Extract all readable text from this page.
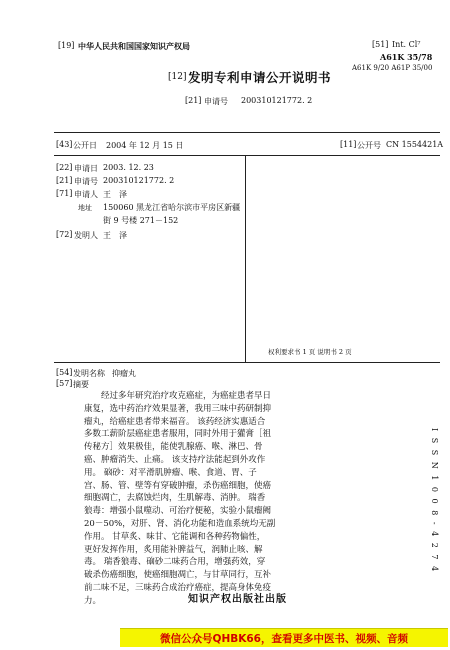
[19] 中华人民共和国国家知识产权局	[51] Int. Cl⁷
A61K 35/78
A61K 9/20 A61P 35/00
[12] 发明专利申请公开说明书
[21] 申请号 200310121772. 2
[43] 公开日 2004 年 12 月 15 日	[11] 公开号 CN 1554421A
[22] 申请日 2003. 12. 23
[21] 申请号 200310121772. 2
[71] 申请人 王　泽
地址 150060 黑龙江省哈尔滨市平房区新疆
街 9 号楼 271－152
[72] 发明人 王　泽
权利要求书 1 页 说明书 2 页
[54] 发明名称 抑瘤丸
[57] 摘要

　　经过多年研究治疗攻克癌症，为癌症患者早日

康复，选中药治疗效果显著，我用三味中药研制抑

瘤丸，给癌症患者带来福音。 该药经济实惠适合

多数工薪阶层癌症患者服用，同时外用于獾膏［祖

传秘方］效果极佳，能使乳腺癌、喉、淋巴、骨

癌、肿瘤消失、止痛。 该支持疗法能起到外攻作

用。 硇砂：对平滑肌肿瘤、喉、食道、胃、子

宫、肠、管、壁等有穿破肿瘤，杀伤癌细胞，使癌

细胞凋亡，去腐蚀烂肉，生肌解毒、消肿。 瑞香

狼毒：增强小鼠噬动、可治疗便秘，实验小鼠瘤阙

20－50%，对肝、肾、消化功能和造血系统均无副

作用。 甘草炙、味甘、它能调和各种药物偏性，

更好发挥作用，炙用能补脾益气，润肺止咳、解

毒。 瑞香狼毒、硇砂二味药合用，增强药效，穿

破杀伤癌细胞，使癌细胞凋亡，与甘草同行，互补

前二味不足，三味药合成治疗癌症，提高身体免疫

力。

I S S N 1 0 0 8 - 4 2 7 4
知识产权出版社出版
微信公众号QHBK66，查看更多中医书、视频、音频
